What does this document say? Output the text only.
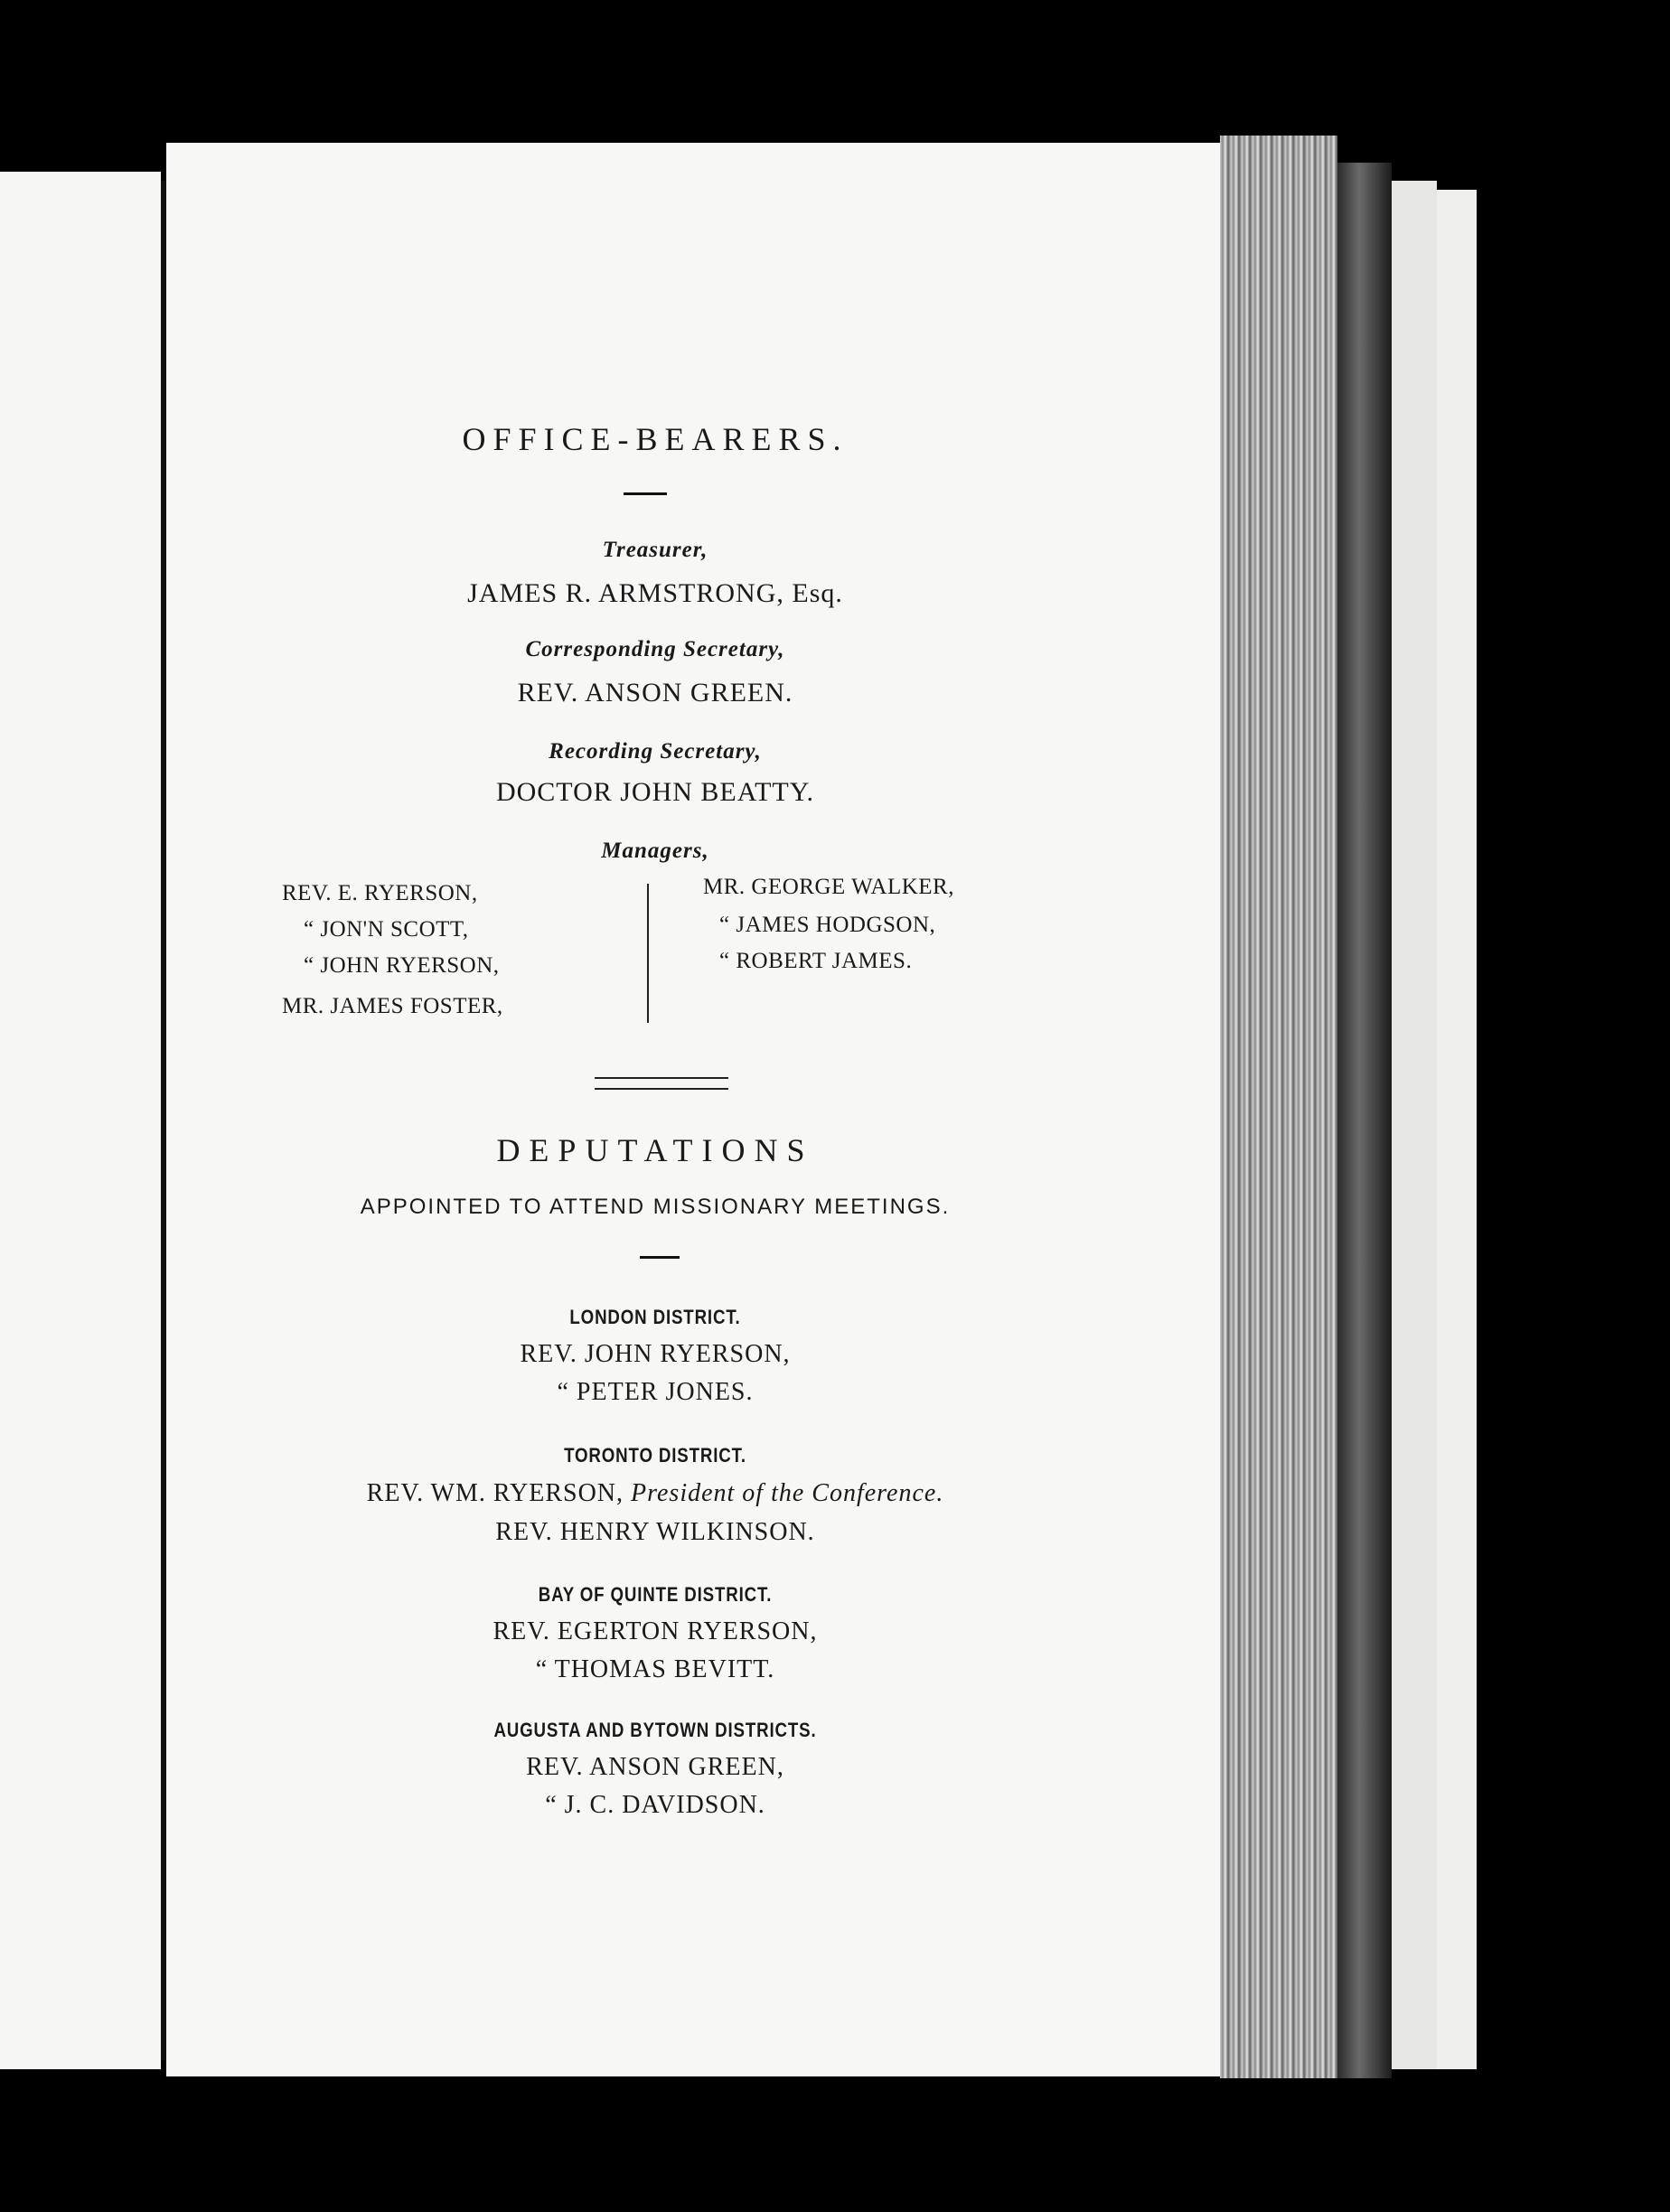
OFFICE-BEARERS.
Treasurer,
JAMES R. ARMSTRONG, Esq.
Corresponding Secretary,
REV. ANSON GREEN.
Recording Secretary,
DOCTOR JOHN BEATTY.
Managers,
REV. E. RYERSON,
“ JON'N SCOTT,
“ JOHN RYERSON,
MR. JAMES FOSTER,
MR. GEORGE WALKER,
“ JAMES HODGSON,
“ ROBERT JAMES.
DEPUTATIONS
APPOINTED TO ATTEND MISSIONARY MEETINGS.
LONDON DISTRICT.
REV. JOHN RYERSON,
“ PETER JONES.
TORONTO DISTRICT.
REV. WM. RYERSON, President of the Conference.
REV. HENRY WILKINSON.
BAY OF QUINTE DISTRICT.
REV. EGERTON RYERSON,
“ THOMAS BEVITT.
AUGUSTA AND BYTOWN DISTRICTS.
REV. ANSON GREEN,
“ J. C. DAVIDSON.
